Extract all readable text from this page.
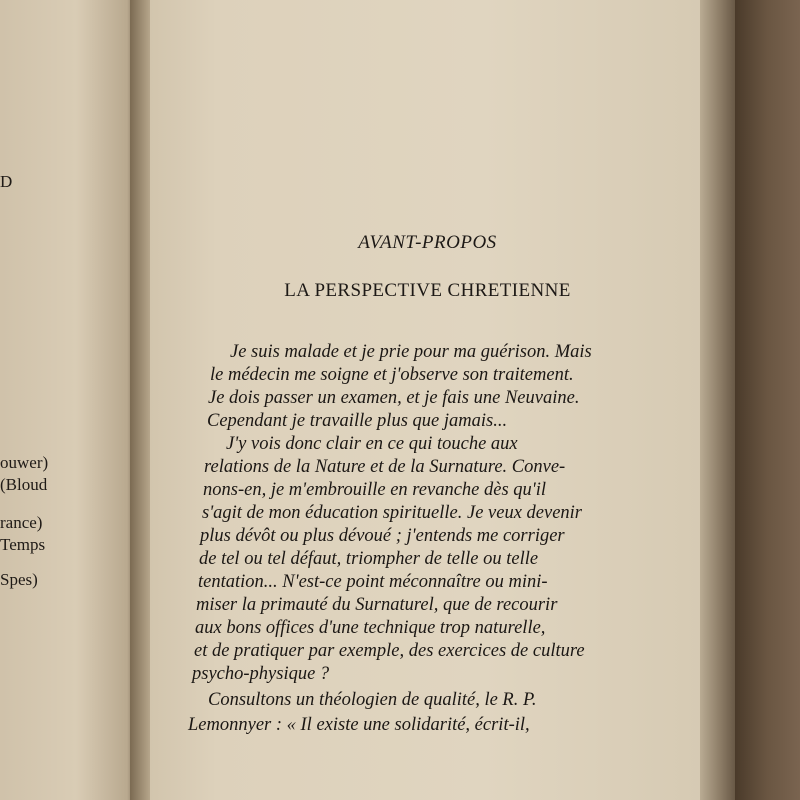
D
ouwer)
(Bloud
rance)
Temps
Spes)
AVANT-PROPOS
LA PERSPECTIVE CHRETIENNE
Je suis malade et je prie pour ma guérison. Mais
le médecin me soigne et j'observe son traitement.
Je dois passer un examen, et je fais une Neuvaine.
Cependant je travaille plus que jamais...
J'y vois donc clair en ce qui touche aux
relations de la Nature et de la Surnature. Conve-
nons-en, je m'embrouille en revanche dès qu'il
s'agit de mon éducation spirituelle. Je veux devenir
plus dévôt ou plus dévoué ; j'entends me corriger
de tel ou tel défaut, triompher de telle ou telle
tentation... N'est-ce point méconnaître ou mini-
miser la primauté du Surnaturel, que de recourir
aux bons offices d'une technique trop naturelle,
et de pratiquer par exemple, des exercices de culture
psycho-physique ?
Consultons un théologien de qualité, le R. P.
Lemonnyer : « Il existe une solidarité, écrit-il,
